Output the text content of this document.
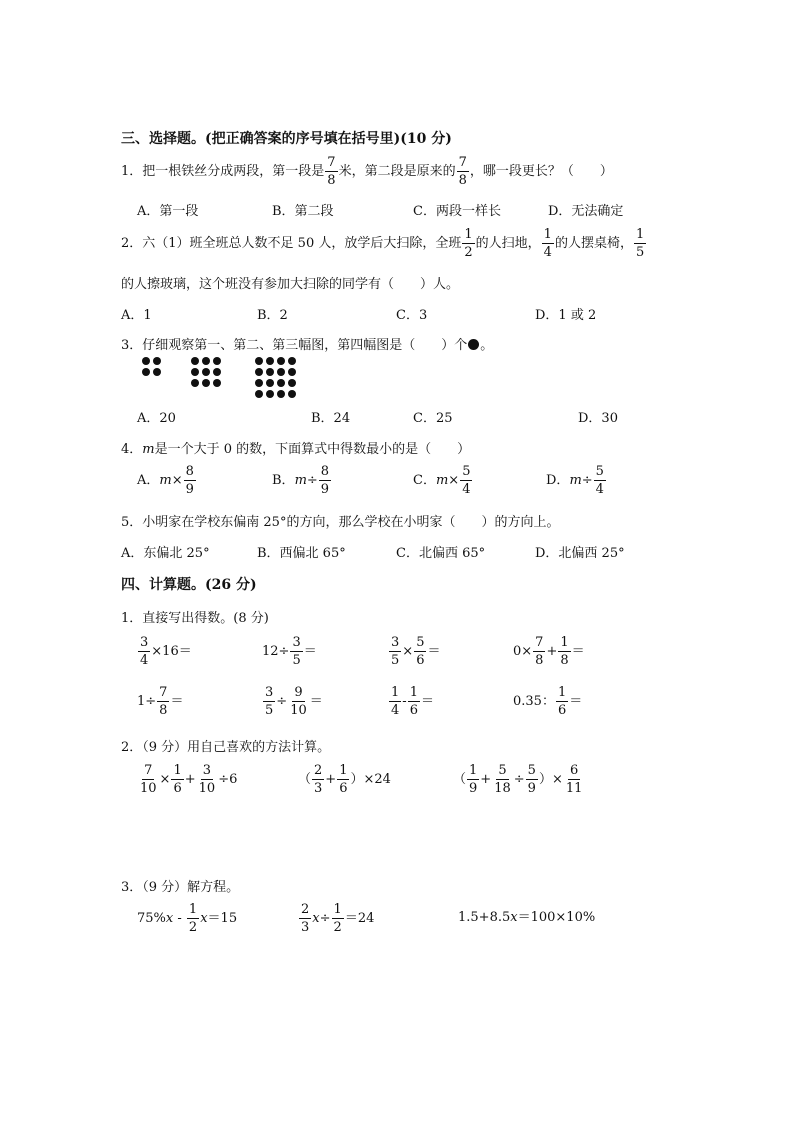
三、选择题。(把正确答案的序号填在括号里)(10 分)
1．把一根铁丝分成两段，第一段是 $\frac{7}{8}$ 米，第二段是原来的 $\frac{7}{8}$ ，哪一段更长？（　　）
A．第一段	B．第二段	C．两段一样长	D．无法确定
2．六（1）班全班总人数不足 50 人，放学后大扫除，全班 $\frac{1}{2}$ 的人扫地， $\frac{1}{4}$ 的人摆桌椅， $\frac{1}{5}$
的人擦玻璃，这个班没有参加大扫除的同学有（　　）人。
A．1	B．2	C．3	D．1 或 2
3．仔细观察第一、第二、第三幅图，第四幅图是（　　）个 。
A．20	B．24	C．25	D．30
4．m是一个大于 0 的数，下面算式中得数最小的是（　　）
A．$m\times \frac{8}{9}$	B．$m\div \frac{8}{9}$	C．$m\times \frac{5}{4}$	D．$m\div \frac{5}{4}$
5．小明家在学校东偏南 25°的方向，那么学校在小明家（　　）的方向上。
A．东偏北 25°	B．西偏北 65°	C．北偏西 65°	D．北偏西 25°
四、计算题。(26 分)
1．直接写出得数。(8 分)
$\frac{3}{4} \times 16=$	$12\div \frac{3}{5}$ ＝	$\frac{3}{5} \times \frac{5}{6}$ ＝	$0\times \frac{7}{8} + \frac{1}{8}$ ＝
$1\div \frac{7}{8}$ ＝	$\frac{3}{5} \div \frac{9}{10}$ ＝	$\frac{1}{4} - \frac{1}{6}$ ＝	0.35： $\frac{1}{6}$ ＝
2．（9 分）用自己喜欢的方法计算。
$\frac{7}{10} \times \frac{1}{6} + \frac{3}{10} \div 6$	（ $\frac{2}{3} + \frac{1}{6} )\times 24$	（ $\frac{1}{9} + \frac{5}{18} \div \frac{5}{9}$ ）× $\frac{6}{11}$
3．（9 分）解方程。
$75\%x - \frac{1}{2} x=15$	$\frac{2}{3} x\div \frac{1}{2} =24$	1.5+8.5x＝100×10%
